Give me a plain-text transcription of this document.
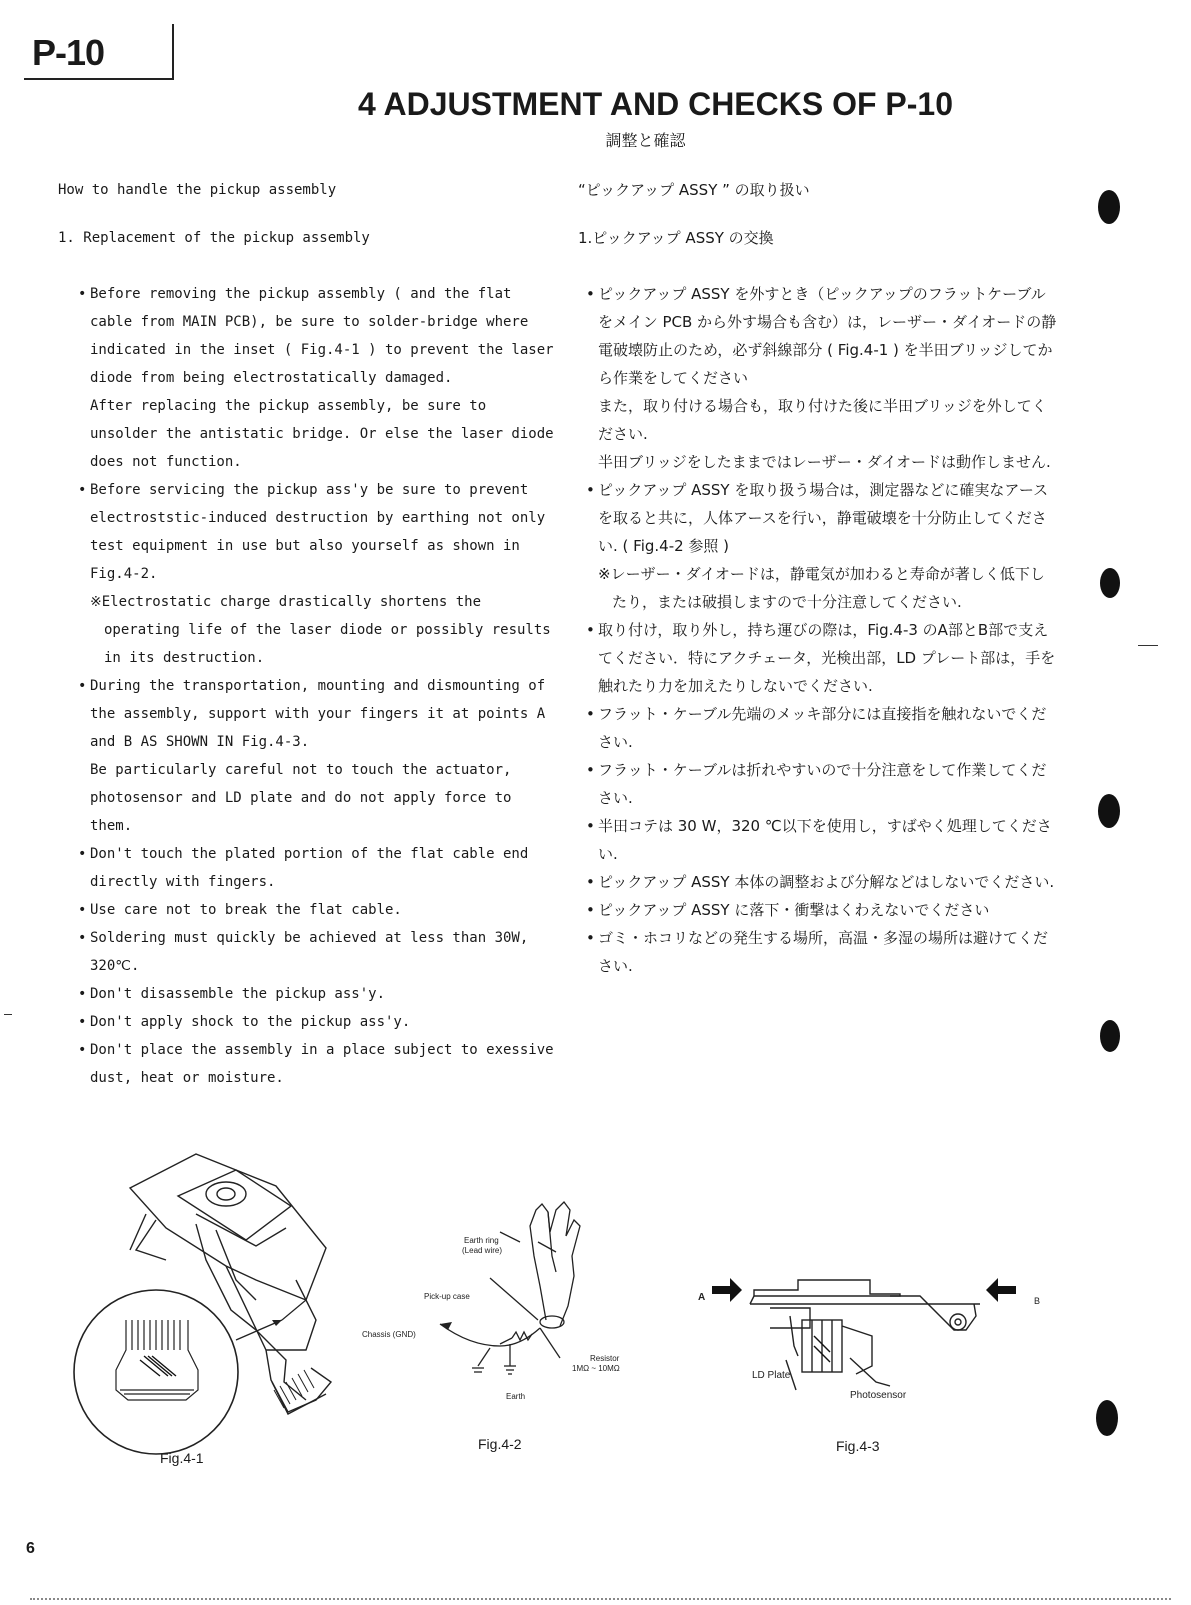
P-10
4 ADJUSTMENT AND CHECKS OF P-10
調整と確認
How to handle the pickup assembly
1. Replacement of the pickup assembly

• Before removing the pickup assembly ( and the flat cable from MAIN PCB), be sure to solder-bridge where indicated in the inset ( Fig.4-1 ) to prevent the laser diode from being electrostatically damaged.

After replacing the pickup assembly, be sure to unsolder the antistatic bridge. Or else the laser diode does not function.

• Before servicing the pickup ass'y be sure to prevent electroststic-induced destruction by earthing not only test equipment in use but also yourself as shown in Fig.4-2.

※Electrostatic charge drastically shortens the operating life of the laser diode or possibly results in its destruction.

• During the transportation, mounting and dismounting of the assembly, support with your fingers it at points A and B AS SHOWN IN Fig.4-3.

Be particularly careful not to touch the actuator, photosensor and LD plate and do not apply force to them.

• Don't touch the plated portion of the flat cable end directly with fingers.

• Use care not to break the flat cable.

• Soldering must quickly be achieved at less than 30W, 320℃.

• Don't disassemble the pickup ass'y.

• Don't apply shock to the pickup ass'y.

• Don't place the assembly in a place subject to exessive dust, heat or moisture.

“ピックアップ ASSY ” の取り扱い
1.ピックアップ ASSY の交換

• ピックアップ ASSY を外すとき（ピックアップのフラットケーブルをメイン PCB から外す場合も含む）は，レーザー・ダイオードの静電破壊防止のため，必ず斜線部分 ( Fig.4-1 ) を半田ブリッジしてから作業をしてください

また，取り付ける場合も，取り付けた後に半田ブリッジを外してください.

半田ブリッジをしたままではレーザー・ダイオードは動作しません.

• ピックアップ ASSY を取り扱う場合は，測定器などに確実なアースを取ると共に，人体アースを行い，静電破壊を十分防止してください. ( Fig.4-2 参照 )

※レーザー・ダイオードは，静電気が加わると寿命が著しく低下したり，または破損しますので十分注意してください.

• 取り付け，取り外し，持ち運びの際は，Fig.4-3 のA部とB部で支えてください．特にアクチェータ，光検出部，LD プレート部は，手を触れたり力を加えたりしないでください.

• フラット・ケーブル先端のメッキ部分には直接指を触れないでください.

• フラット・ケーブルは折れやすいので十分注意をして作業してください.

• 半田コテは 30 W，320 ℃以下を使用し，すばやく処理してください.

• ピックアップ ASSY 本体の調整および分解などはしないでください.

• ピックアップ ASSY に落下・衝撃はくわえないでください

• ゴミ・ホコリなどの発生する場所，高温・多湿の場所は避けてください.

Fig.4-1
Earth ring
(Lead wire)
Pick-up case
Chassis (GND)
Resistor
1MΩ ~ 10MΩ
Earth
Fig.4-2
A	B
LD Plate
Photosensor
Fig.4-3
6
